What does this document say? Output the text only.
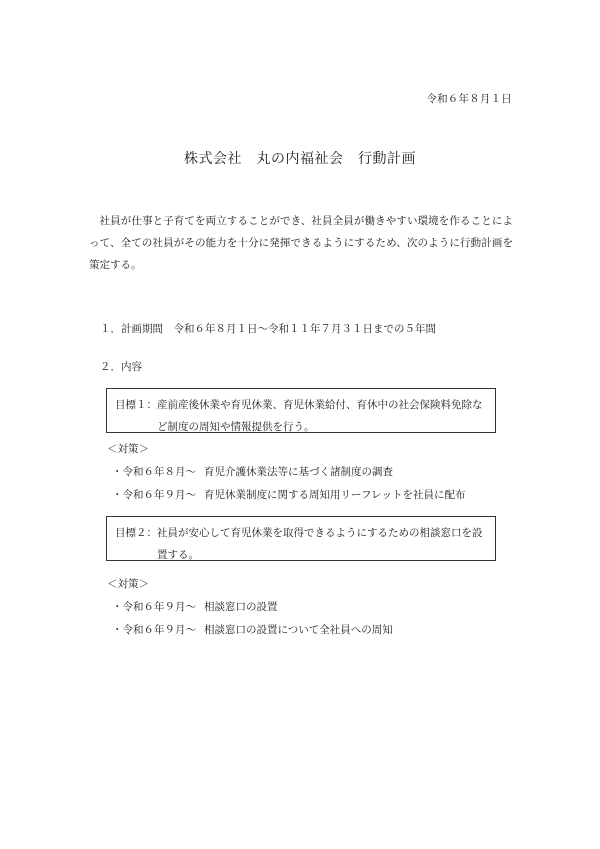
令和６年８月１日
株式会社　丸の内福祉会　行動計画
社員が仕事と子育てを両立することができ、社員全員が働きやすい環境を作ることによって、全ての社員がその能力を十分に発揮できるようにするため、次のように行動計画を策定する。
１．計画期間　 令和６年８月１日～令和１１年７月３１日までの５年間
２．内容
目標１： 産前産後休業や育児休業、育児休業給付、育休中の社会保険料免除など制度の周知や情報提供を行う。
＜対策＞
・令和６年８月～ 育児介護休業法等に基づく諸制度の調査
・令和６年９月～ 育児休業制度に関する周知用リーフレットを社員に配布
目標２： 社員が安心して育児休業を取得できるようにするための相談窓口を設置する。
＜対策＞
・令和６年９月～ 相談窓口の設置
・令和６年９月～ 相談窓口の設置について全社員への周知
